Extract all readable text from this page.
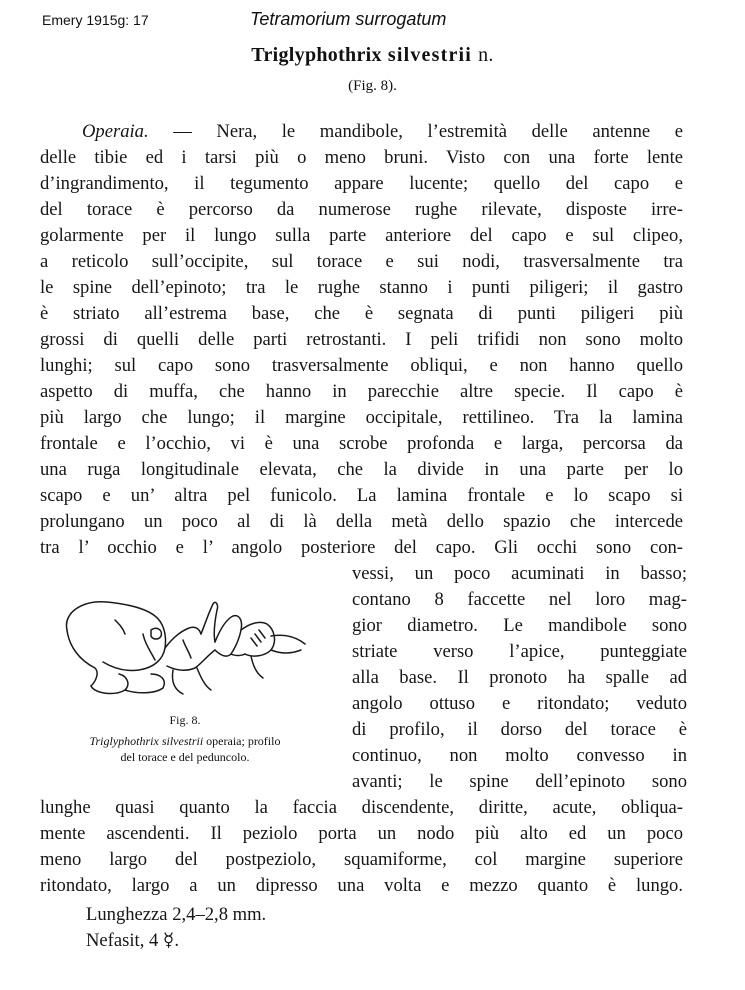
Emery 1915g: 17	Tetramorium surrogatum
Triglyphothrix silvestrii n.
(Fig. 8).
Operaia. — Nera, le mandibole, l’estremità delle antenne e
delle tibie ed i tarsi più o meno bruni. Visto con una forte lente
d’ingrandimento, il tegumento appare lucente; quello del capo e
del torace è percorso da numerose rughe rilevate, disposte irre-
golarmente per il lungo sulla parte anteriore del capo e sul clipeo,
a reticolo sull’occipite, sul torace e sui nodi, trasversalmente tra
le spine dell’epinoto; tra le rughe stanno i punti piligeri; il gastro
è striato all’estrema base, che è segnata di punti piligeri più
grossi di quelli delle parti retrostanti. I peli trifidi non sono molto
lunghi; sul capo sono trasversalmente obliqui, e non hanno quello
aspetto di muffa, che hanno in parecchie altre specie. Il capo è
più largo che lungo; il margine occipitale, rettilineo. Tra la lamina
frontale e l’occhio, vi è una scrobe profonda e larga, percorsa da
una ruga longitudinale elevata, che la divide in una parte per lo
scapo e un’ altra pel funicolo. La lamina frontale e lo scapo si
prolungano un poco al di là della metà dello spazio che intercede
tra l’ occhio e l’ angolo posteriore del capo. Gli occhi sono con-
vessi, un poco acuminati in basso;
contano 8 faccette nel loro mag-
gior diametro. Le mandibole sono
striate verso l’apice, punteggiate
alla base. Il pronoto ha spalle ad
angolo ottuso e ritondato; veduto
di profilo, il dorso del torace è
continuo, non molto convesso in
avanti; le spine dell’epinoto sono
Fig. 8.
Triglyphothrix silvestrii operaia; profilo
del torace e del peduncolo.
lunghe quasi quanto la faccia discendente, diritte, acute, obliqua-
mente ascendenti. Il peziolo porta un nodo più alto ed un poco
meno largo del postpeziolo, squamiforme, col margine superiore
ritondato, largo a un dipresso una volta e mezzo quanto è lungo.
Lunghezza 2,4–2,8 mm.
Nefasit, 4 ☿.
